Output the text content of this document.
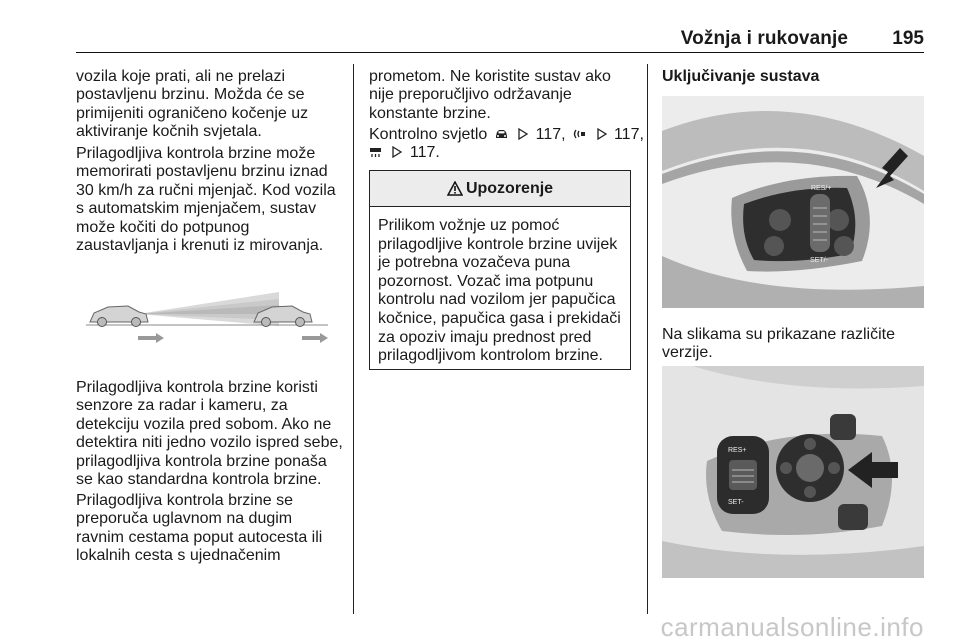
Vožnja i rukovanje 195
vozila koje prati, ali ne prelazi
postavljenu brzinu. Možda će se
primijeniti ograničeno kočenje uz
aktiviranje kočnih svjetala.
Prilagodljiva kontrola brzine može
memorirati postavljenu brzinu iznad
30 km/h za ručni mjenjač. Kod vozila
s automatskim mjenjačem, sustav
može kočiti do potpunog
zaustavljanja i krenuti iz mirovanja.
Prilagodljiva kontrola brzine koristi
senzore za radar i kameru, za
detekciju vozila pred sobom. Ako ne
detektira niti jedno vozilo ispred sebe,
prilagodljiva kontrola brzine ponaša
se kao standardna kontrola brzine.
Prilagodljiva kontrola brzine se
preporuča uglavnom na dugim
ravnim cestama poput autocesta ili
lokalnih cesta s ujednačenim
prometom. Ne koristite sustav ako
nije preporučljivo održavanje
konstante brzine.
Kontrolno svjetlo	117,	117,
117.
Upozorenje
Prilikom vožnje uz pomoć
prilagodljive kontrole brzine uvijek
je potrebna vozačeva puna
pozornost. Vozač ima potpunu
kontrolu nad vozilom jer papučica
kočnice, papučica gasa i prekidači
za opoziv imaju prednost pred
prilagodljivom kontrolom brzine.
Uključivanje sustava
RES/+
SET/-
Na slikama su prikazane različite
verzije.
RES+
SET-
carmanualsonline.info
